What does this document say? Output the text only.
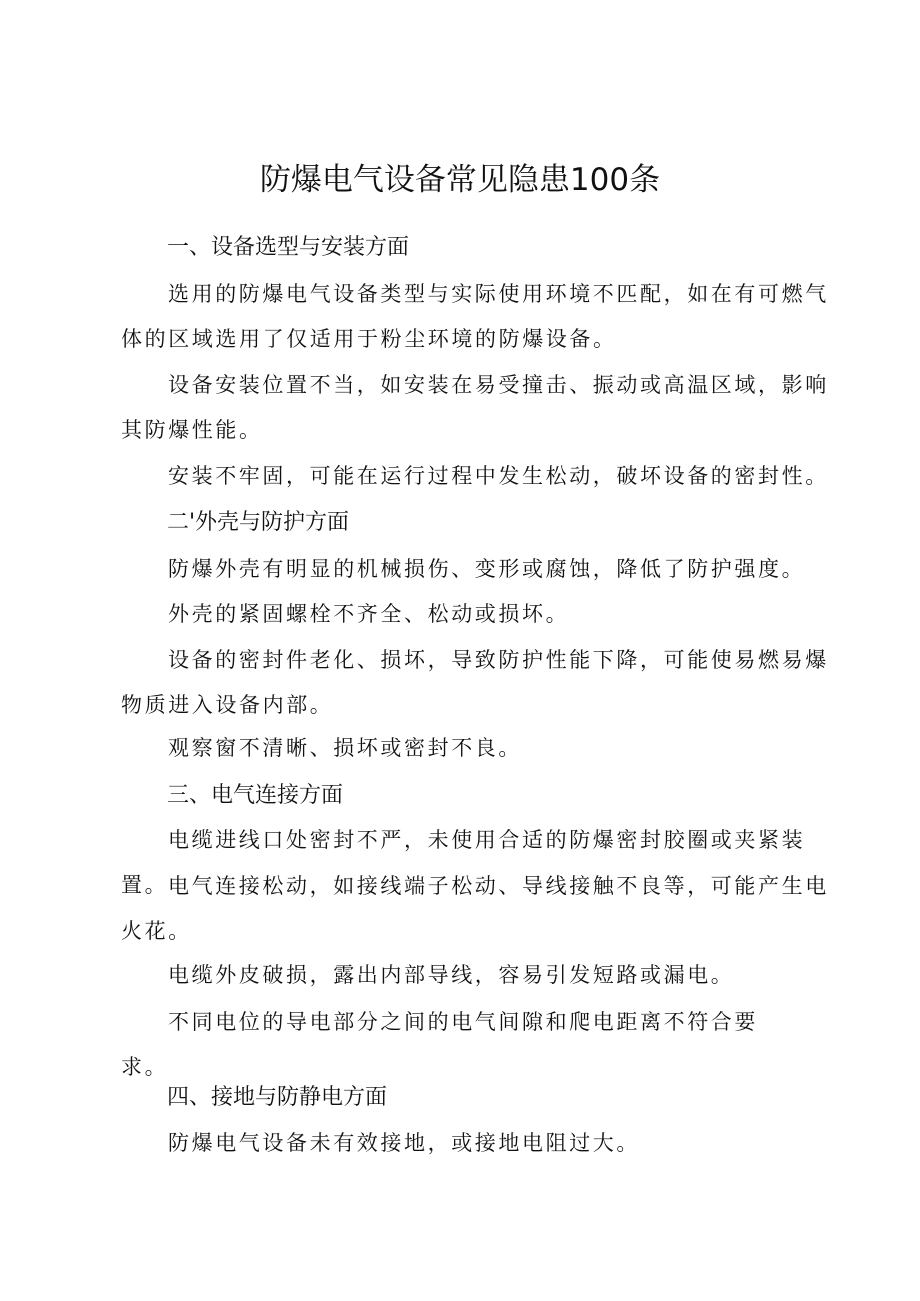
防爆电气设备常见隐患100条
一、设备选型与安装方面

选用的防爆电气设备类型与实际使用环境不匹配，如在有可燃气体的区域选用了仅适用于粉尘环境的防爆设备。

设备安装位置不当，如安装在易受撞击、振动或高温区域，影响其防爆性能。

安装不牢固，可能在运行过程中发生松动，破坏设备的密封性。

二'外壳与防护方面

防爆外壳有明显的机械损伤、变形或腐蚀，降低了防护强度。

外壳的紧固螺栓不齐全、松动或损坏。

设备的密封件老化、损坏，导致防护性能下降，可能使易燃易爆物质进入设备内部。

观察窗不清晰、损坏或密封不良。

三、电气连接方面

电缆进线口处密封不严，未使用合适的防爆密封胶圈或夹紧装置。 电气连接松动，如接线端子松动、导线接触不良等，可能产生电火花。

电缆外皮破损，露出内部导线，容易引发短路或漏电。

不同电位的导电部分之间的电气间隙和爬电距离不符合要求。

四、接地与防静电方面

防爆电气设备未有效接地，或接地电阻过大。
